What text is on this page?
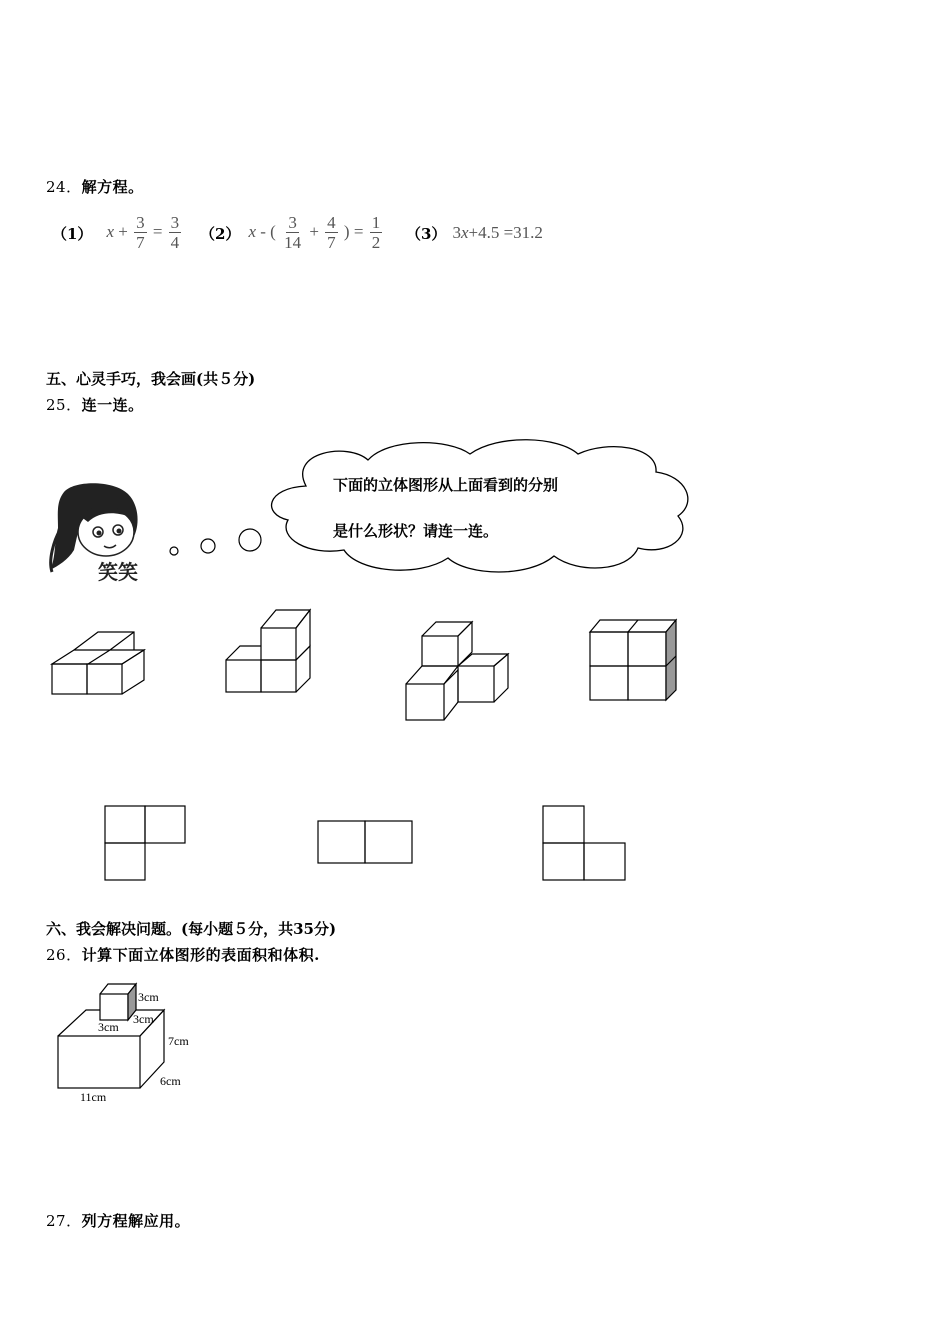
24．解方程。
（1） $x + \frac{3}{7} = \frac{3}{4} (2)$ x - ( $\frac{3}{14} + \frac{4}{7}$ ) = $\frac{1}{2} (3)$ 3x+4.5 =31.2
五、心灵手巧，我会画(共５分)
25．连一连。
笑笑
下面的立体图形从上面看到的分别
是什么形状？请连一连。
六、我会解决问题。(每小题５分，共35分)
26．计算下面立体图形的表面积和体积.
3cm
3cm
3cm
7cm
6cm
11cm
27．列方程解应用。
